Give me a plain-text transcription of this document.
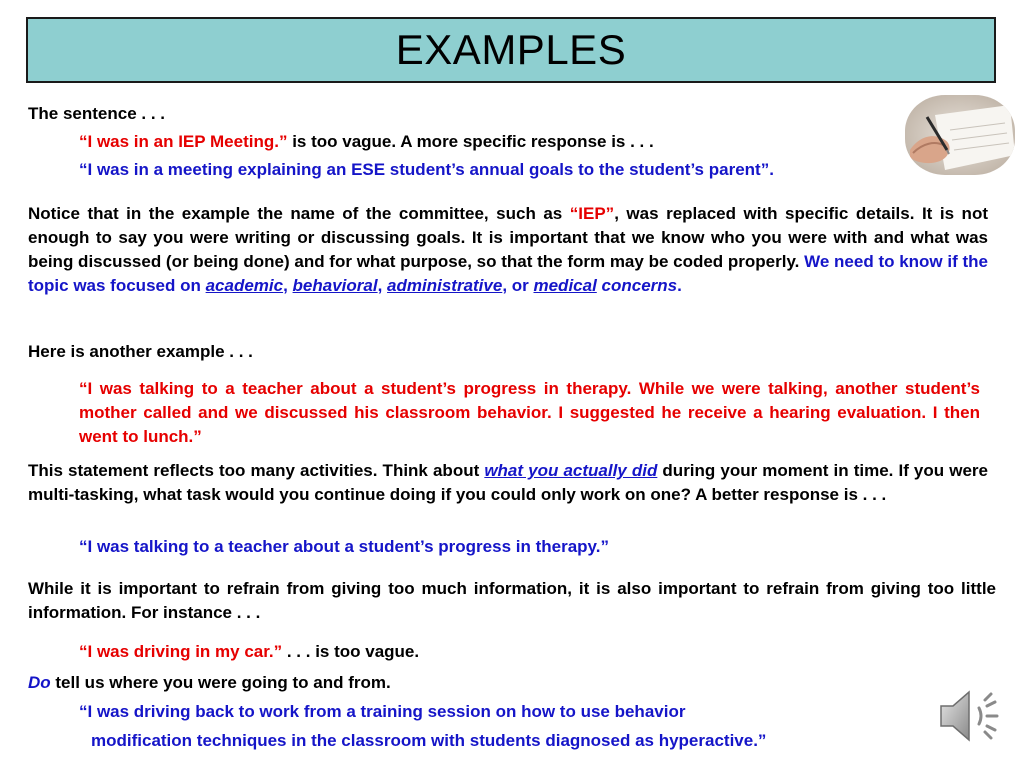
EXAMPLES
The sentence . . .
“I was in an IEP Meeting.” is too vague. A more specific response is . . .
“I was in a meeting explaining an ESE student’s annual goals to the student’s parent”.
Notice that in the example the name of the committee, such as “IEP”, was replaced with specific details. It is not enough to say you were writing or discussing goals. It is important that we know who you were with and what was being discussed (or being done) and for what purpose, so that the form may be coded properly. We need to know if the topic was focused on academic, behavioral, administrative, or medical concerns.
Here is another example . . .
“I was talking to a teacher about a student’s progress in therapy. While we were talking, another student’s mother called and we discussed his classroom behavior. I suggested he receive a hearing evaluation. I then went to lunch.”
This statement reflects too many activities. Think about what you actually did during your moment in time. If you were multi-tasking, what task would you continue doing if you could only work on one? A better response is . . .
“I was talking to a teacher about a student’s progress in therapy.”
While it is important to refrain from giving too much information, it is also important to refrain from giving too little information. For instance . . .
“I was driving in my car.” . . . is too vague.
Do tell us where you were going to and from.
“I was driving back to work from a training session on how to use behavior
modification techniques in the classroom with students diagnosed as hyperactive.”
